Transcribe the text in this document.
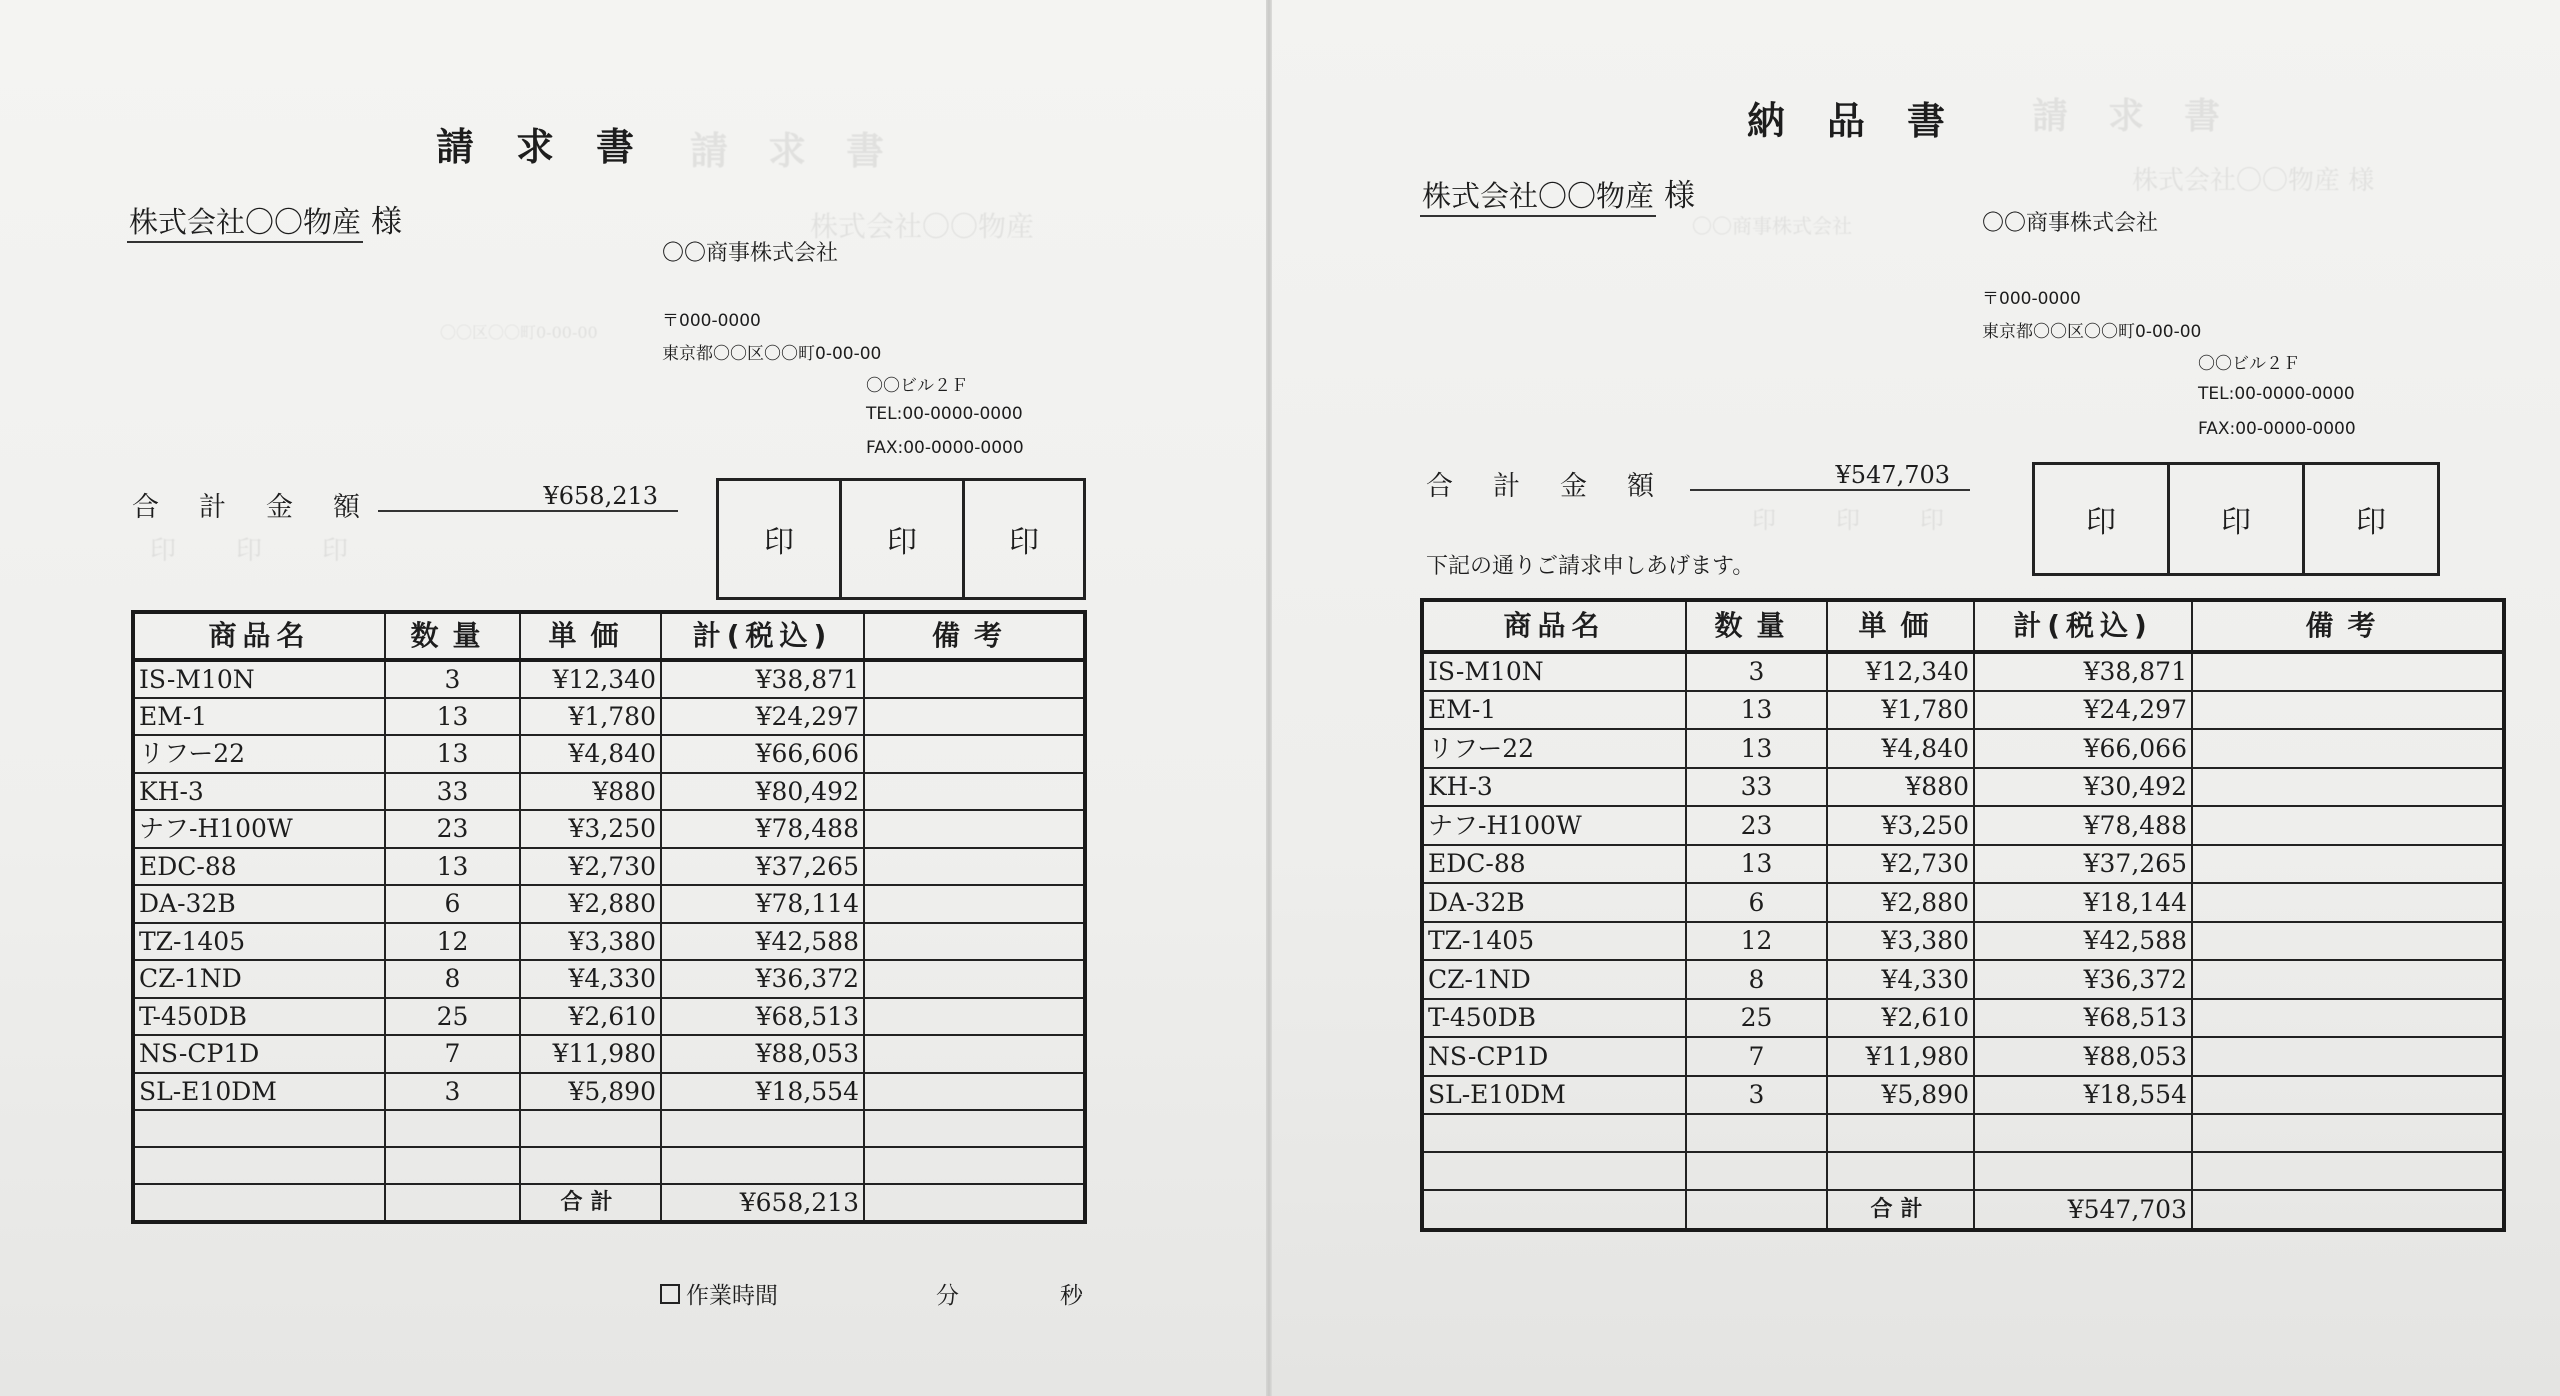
請求書
株式会社〇〇物産
〇〇区〇〇町0-00-00
印印印
請求書
株式会社〇〇物産 様
〇〇商事株式会社
〒000-0000
東京都〇〇区〇〇町0-00-00
〇〇ビル２Ｆ
TEL:00-0000-0000
FAX:00-0000-0000
合計金額	¥658,213
印	印	印
商品名	数量	単価	計(税込)	備考
IS-M10N	3	¥12,340	¥38,871	
EM-1	13	¥1,780	¥24,297	
リフー22	13	¥4,840	¥66,606	
KH-3	33	¥880	¥80,492	
ナフ-H100W	23	¥3,250	¥78,488	
EDC-88	13	¥2,730	¥37,265	
DA-32B	6	¥2,880	¥78,114	
TZ-1405	12	¥3,380	¥42,588	
CZ-1ND	8	¥4,330	¥36,372	
T-450DB	25	¥2,610	¥68,513	
NS-CP1D	7	¥11,980	¥88,053	
SL-E10DM	3	¥5,890	¥18,554	

		合計	¥658,213	
作業時間	分	秒
請求書
株式会社〇〇物産 様
〇〇商事株式会社
印印印
納品書
株式会社〇〇物産 様
〇〇商事株式会社
〒000-0000
東京都〇〇区〇〇町0-00-00
〇〇ビル２Ｆ
TEL:00-0000-0000
FAX:00-0000-0000
合計金額	¥547,703
下記の通りご請求申しあげます。
印	印	印
商品名	数量	単価	計(税込)	備考
IS-M10N	3	¥12,340	¥38,871	
EM-1	13	¥1,780	¥24,297	
リフー22	13	¥4,840	¥66,066	
KH-3	33	¥880	¥30,492	
ナフ-H100W	23	¥3,250	¥78,488	
EDC-88	13	¥2,730	¥37,265	
DA-32B	6	¥2,880	¥18,144	
TZ-1405	12	¥3,380	¥42,588	
CZ-1ND	8	¥4,330	¥36,372	
T-450DB	25	¥2,610	¥68,513	
NS-CP1D	7	¥11,980	¥88,053	
SL-E10DM	3	¥5,890	¥18,554	

		合計	¥547,703	
